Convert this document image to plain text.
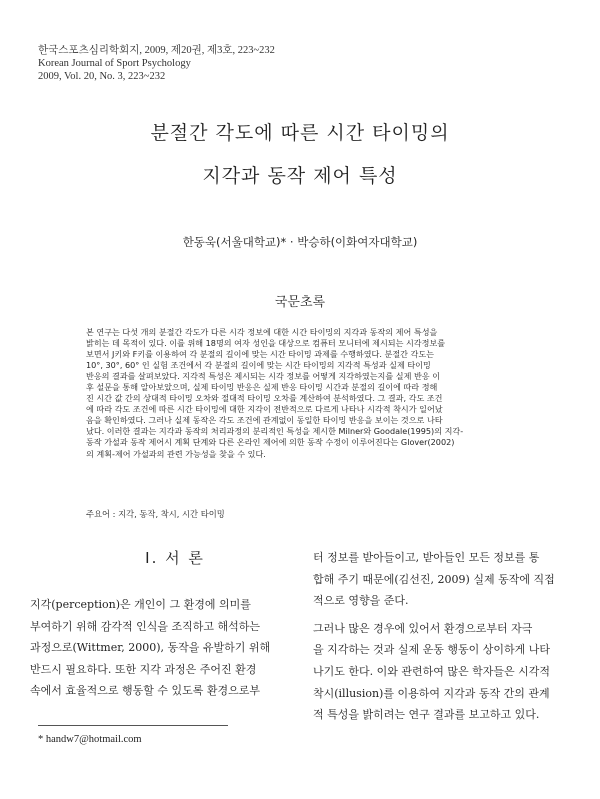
한국스포츠심리학회지, 2009, 제20권, 제3호, 223~232
Korean Journal of Sport Psychology
2009, Vol. 20, No. 3, 223~232
분절간 각도에 따른 시간 타이밍의
지각과 동작 제어 특성
한동욱(서울대학교)* · 박승하(이화여자대학교)
국문초록
본 연구는 다섯 개의 분절간 각도가 다른 시각 정보에 대한 시간 타이밍의 지각과 동작의 제어 특성을
밝히는 데 목적이 있다. 이를 위해 18명의 여자 성인을 대상으로 컴퓨터 모니터에 제시되는 시각정보를
보면서 J키와 F키를 이용하여 각 분절의 길이에 맞는 시간 타이밍 과제를 수행하였다. 분절간 각도는
10°, 30°, 60° 인 실험 조건에서 각 분절의 길이에 맞는 시간 타이밍의 지각적 특성과 실제 타이밍
반응의 결과를 살펴보았다. 지각적 특성은 제시되는 시각 정보를 어떻게 지각하였는지를 실제 반응 이
후 설문을 통해 알아보았으며, 실제 타이밍 반응은 실제 반응 타이밍 시간과 분절의 길이에 따라 정해
진 시간 값 간의 상대적 타이밍 오차와 절대적 타이밍 오차를 계산하여 분석하였다. 그 결과, 각도 조건
에 따라 각도 조건에 따른 시간 타이밍에 대한 지각이 전반적으로 다르게 나타나 시각적 착시가 일어났
음을 확인하였다. 그러나 실제 동작은 각도 조건에 관계없이 동일한 타이밍 반응을 보이는 것으로 나타
났다. 이러한 결과는 지각과 동작의 처리과정의 분리적인 특성을 제시한 Milner와 Goodale(1995)의 지각-
동작 가설과 동작 제어시 계획 단계와 다른 온라인 제어에 의한 동작 수정이 이루어진다는 Glover(2002)
의 계획-제어 가설과의 관련 가능성을 찾을 수 있다.
주요어 : 지각, 동작, 착시, 시간 타이밍
Ⅰ. 서 론

지각(perception)은 개인이 그 환경에 의미를

부여하기 위해 감각적 인식을 조직하고 해석하는

과정으로(Wittmer, 2000), 동작을 유발하기 위해

반드시 필요하다. 또한 지각 과정은 주어진 환경

속에서 효율적으로 행동할 수 있도록 환경으로부

터 정보를 받아들이고, 받아들인 모든 정보를 통

합해 주기 때문에(김선진, 2009) 실제 동작에 직접

적으로 영향을 준다.

그러나 많은 경우에 있어서 환경으로부터 자극

을 지각하는 것과 실제 운동 행동이 상이하게 나타

나기도 한다. 이와 관련하여 많은 학자들은 시각적

착시(illusion)를 이용하여 지각과 동작 간의 관계

적 특성을 밝히려는 연구 결과를 보고하고 있다.

* handw7@hotmail.com
